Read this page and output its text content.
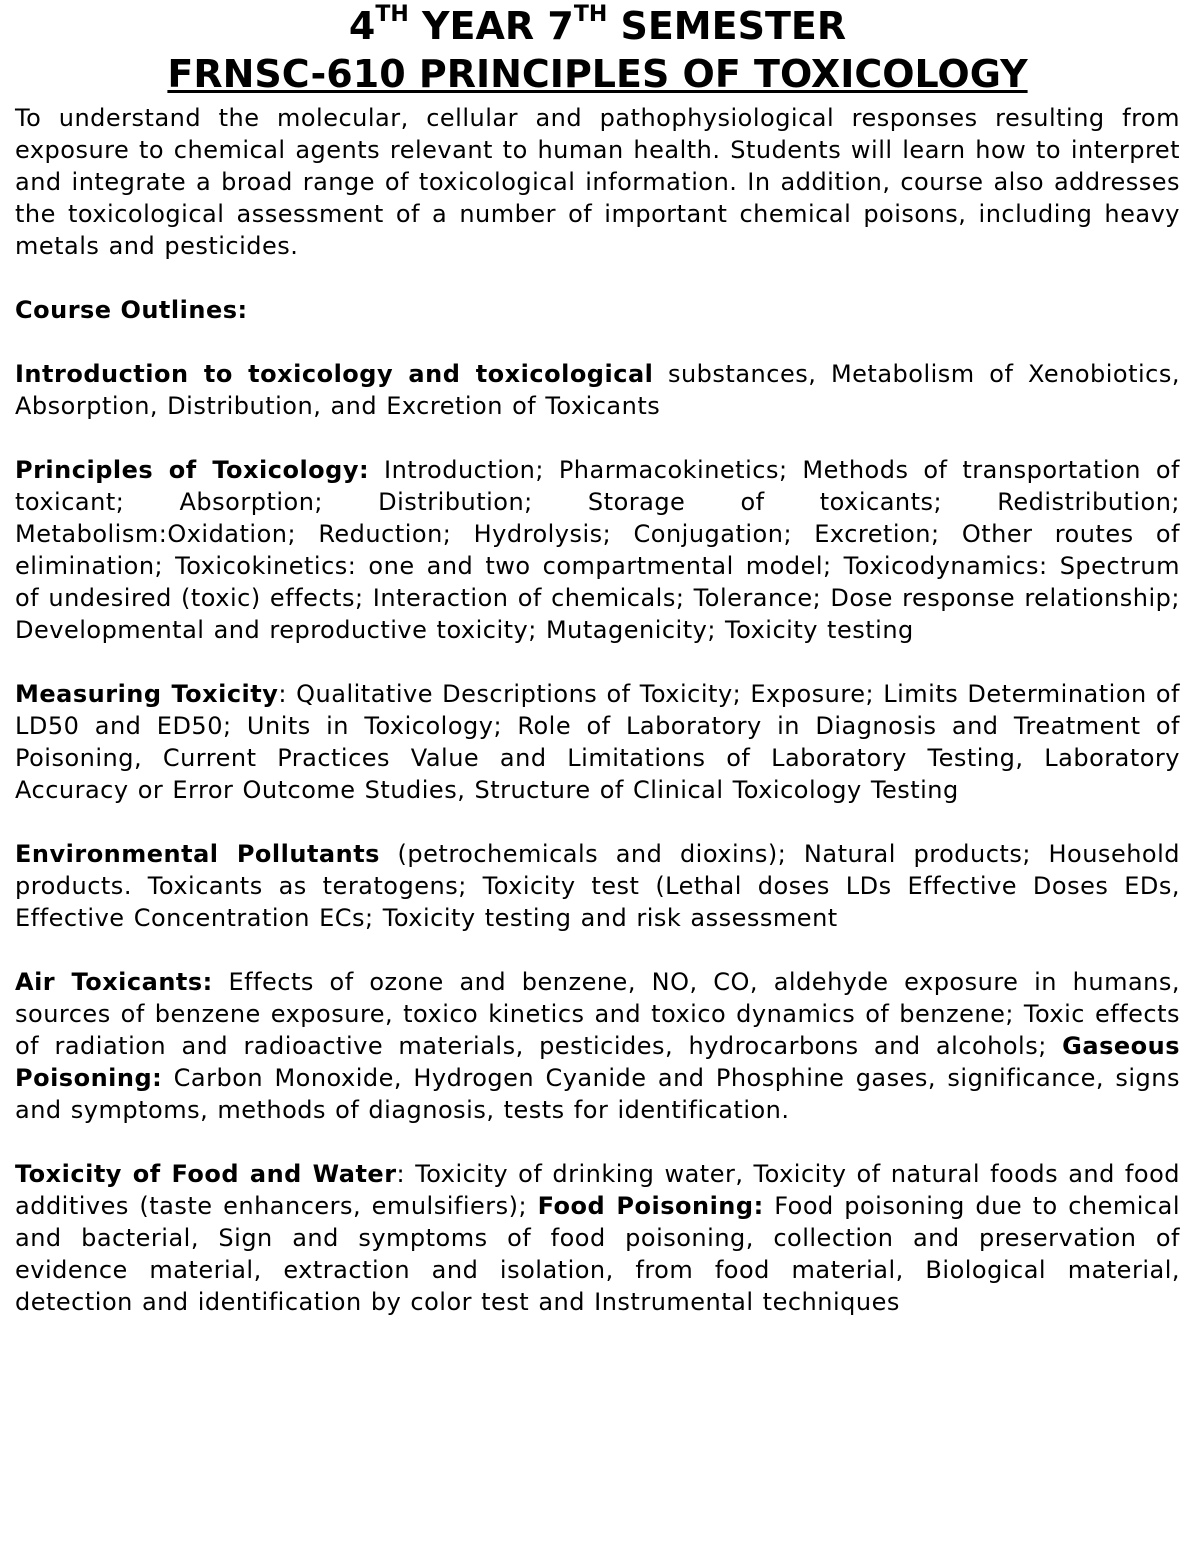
4TH YEAR 7TH SEMESTER
FRNSC-610 PRINCIPLES OF TOXICOLOGY

To understand the molecular, cellular and pathophysiological responses resulting from exposure to chemical agents relevant to human health. Students will learn how to interpret and integrate a broad range of toxicological information. In addition, course also addresses the toxicological assessment of a number of important chemical poisons, including heavy metals and pesticides.

Course Outlines:

Introduction to toxicology and toxicological substances, Metabolism of Xenobiotics, Absorption, Distribution, and Excretion of Toxicants

Principles of Toxicology: Introduction; Pharmacokinetics; Methods of transportation of toxicant; Absorption; Distribution; Storage of toxicants; Redistribution; Metabolism:Oxidation; Reduction; Hydrolysis; Conjugation; Excretion; Other routes of elimination; Toxicokinetics: one and two compartmental model; Toxicodynamics: Spectrum of undesired (toxic) effects; Interaction of chemicals; Tolerance; Dose response relationship; Developmental and reproductive toxicity; Mutagenicity; Toxicity testing

Measuring Toxicity: Qualitative Descriptions of Toxicity; Exposure; Limits Determination of LD50 and ED50; Units in Toxicology; Role of Laboratory in Diagnosis and Treatment of Poisoning, Current Practices Value and Limitations of Laboratory Testing, Laboratory Accuracy or Error Outcome Studies, Structure of Clinical Toxicology Testing

Environmental Pollutants (petrochemicals and dioxins); Natural products; Household products. Toxicants as teratogens; Toxicity test (Lethal doses LDs Effective Doses EDs, Effective Concentration ECs; Toxicity testing and risk assessment

Air Toxicants: Effects of ozone and benzene, NO, CO, aldehyde exposure in humans, sources of benzene exposure, toxico kinetics and toxico dynamics of benzene; Toxic effects of radiation and radioactive materials, pesticides, hydrocarbons and alcohols; Gaseous Poisoning: Carbon Monoxide, Hydrogen Cyanide and Phosphine gases, significance, signs and symptoms, methods of diagnosis, tests for identification.

Toxicity of Food and Water: Toxicity of drinking water, Toxicity of natural foods and food additives (taste enhancers, emulsifiers); Food Poisoning: Food poisoning due to chemical and bacterial, Sign and symptoms of food poisoning, collection and preservation of evidence material, extraction and isolation, from food material, Biological material, detection and identification by color test and Instrumental techniques
